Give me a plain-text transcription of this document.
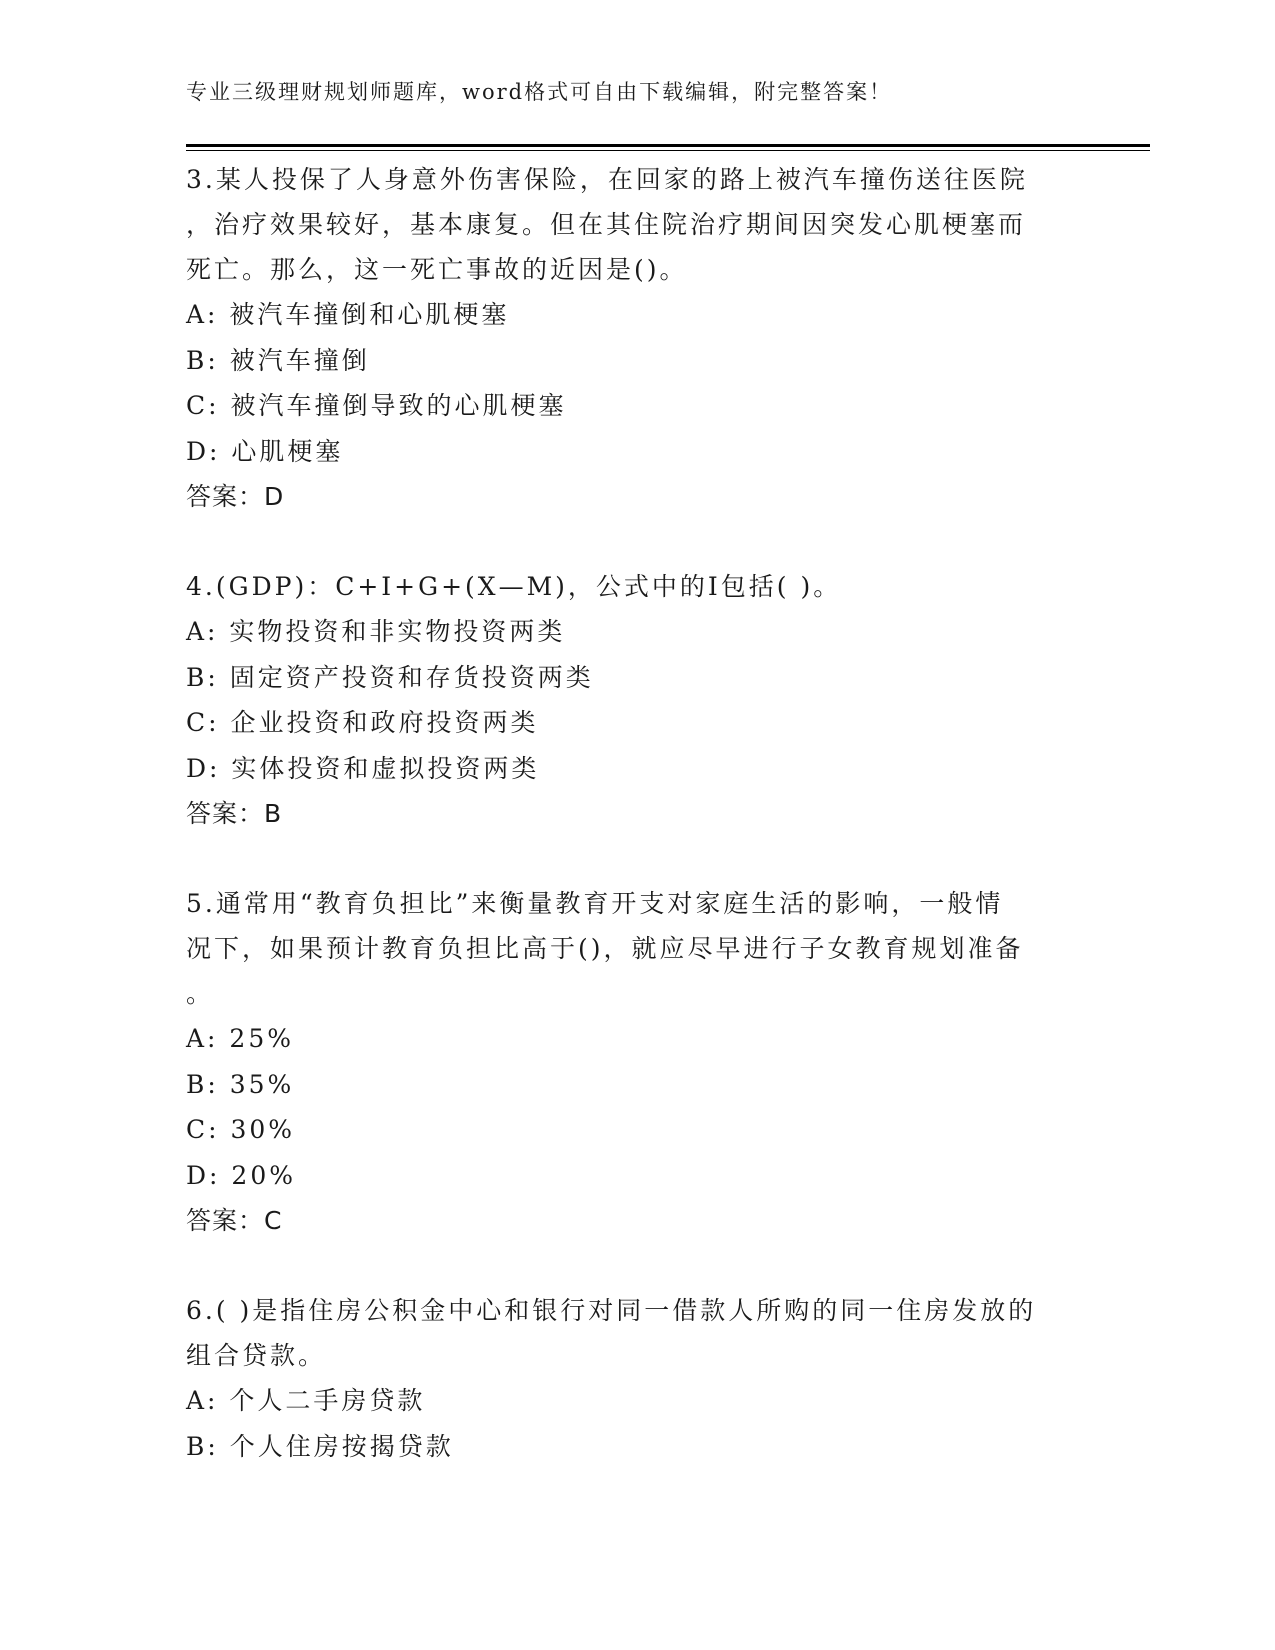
专业三级理财规划师题库，word格式可自由下载编辑，附完整答案！

3.某人投保了人身意外伤害保险，在回家的路上被汽车撞伤送往医院

，治疗效果较好，基本康复。但在其住院治疗期间因突发心肌梗塞而

死亡。那么，这一死亡事故的近因是()。

A: 被汽车撞倒和心肌梗塞

B: 被汽车撞倒

C: 被汽车撞倒导致的心肌梗塞

D: 心肌梗塞

答案：D

4.(GDP)：C+I+G+(X—M)，公式中的I包括( )。

A: 实物投资和非实物投资两类

B: 固定资产投资和存货投资两类

C: 企业投资和政府投资两类

D: 实体投资和虚拟投资两类

答案：B

5.通常用“教育负担比”来衡量教育开支对家庭生活的影响，一般情

况下，如果预计教育负担比高于()，就应尽早进行子女教育规划准备

。

A: 25%

B: 35%

C: 30%

D: 20%

答案：C

6.( )是指住房公积金中心和银行对同一借款人所购的同一住房发放的

组合贷款。

A: 个人二手房贷款

B: 个人住房按揭贷款
